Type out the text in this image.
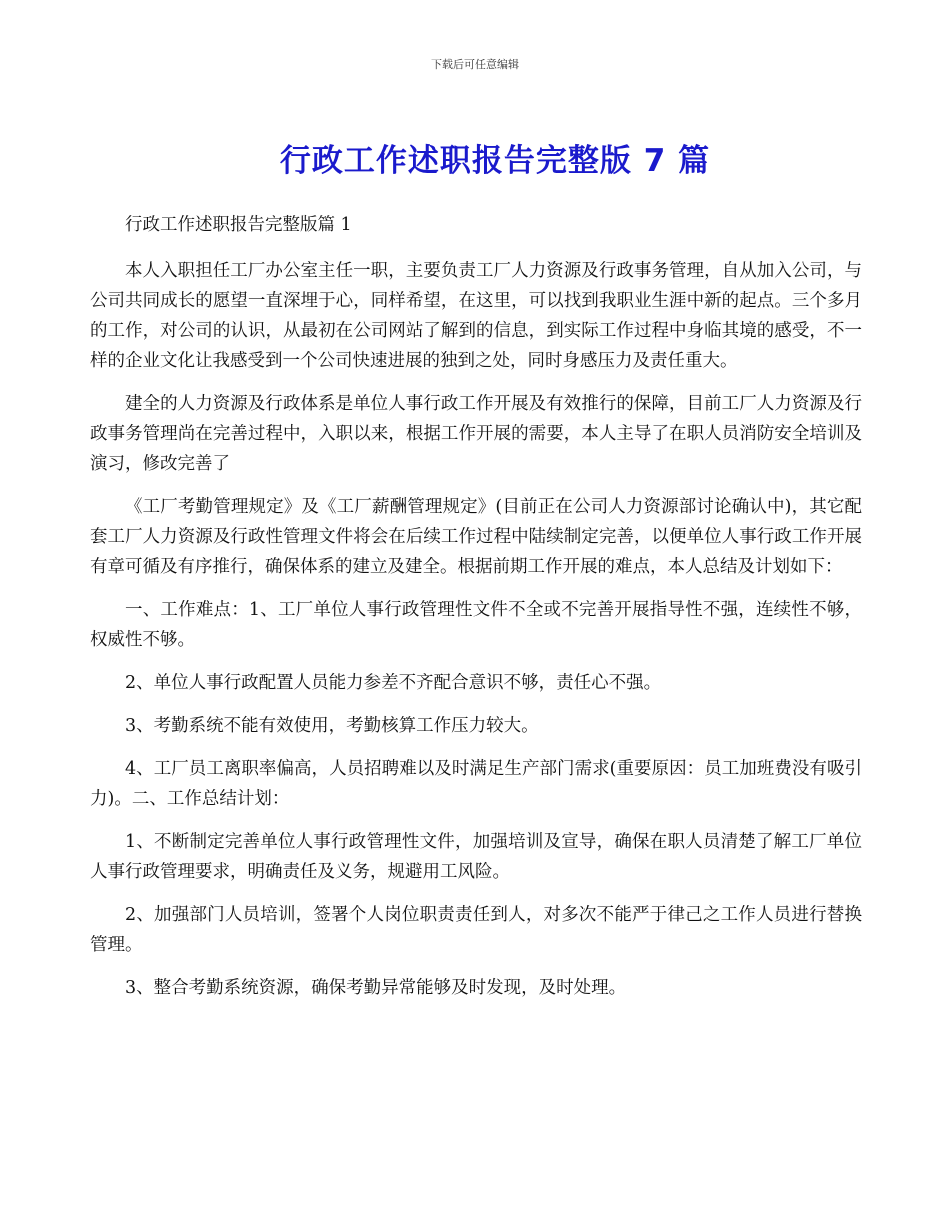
下载后可任意编辑
行政工作述职报告完整版 7 篇

行政工作述职报告完整版篇 1

本人入职担任工厂办公室主任一职，主要负责工厂人力资源及行政事务管理，自从加入公司，与公司共同成长的愿望一直深埋于心，同样希望，在这里，可以找到我职业生涯中新的起点。三个多月的工作，对公司的认识，从最初在公司网站了解到的信息，到实际工作过程中身临其境的感受，不一样的企业文化让我感受到一个公司快速进展的独到之处，同时身感压力及责任重大。

建全的人力资源及行政体系是单位人事行政工作开展及有效推行的保障，目前工厂人力资源及行政事务管理尚在完善过程中，入职以来，根据工作开展的需要，本人主导了在职人员消防安全培训及演习，修改完善了

《工厂考勤管理规定》及《工厂薪酬管理规定》(目前正在公司人力资源部讨论确认中)，其它配套工厂人力资源及行政性管理文件将会在后续工作过程中陆续制定完善，以便单位人事行政工作开展有章可循及有序推行，确保体系的建立及建全。根据前期工作开展的难点，本人总结及计划如下：

一、工作难点：1、工厂单位人事行政管理性文件不全或不完善开展指导性不强，连续性不够，权威性不够。

2、单位人事行政配置人员能力参差不齐配合意识不够，责任心不强。

3、考勤系统不能有效使用，考勤核算工作压力较大。

4、工厂员工离职率偏高，人员招聘难以及时满足生产部门需求(重要原因：员工加班费没有吸引力)。二、工作总结计划：

1、不断制定完善单位人事行政管理性文件，加强培训及宣导，确保在职人员清楚了解工厂单位人事行政管理要求，明确责任及义务，规避用工风险。

2、加强部门人员培训，签署个人岗位职责责任到人，对多次不能严于律己之工作人员进行替换管理。

3、整合考勤系统资源，确保考勤异常能够及时发现，及时处理。
